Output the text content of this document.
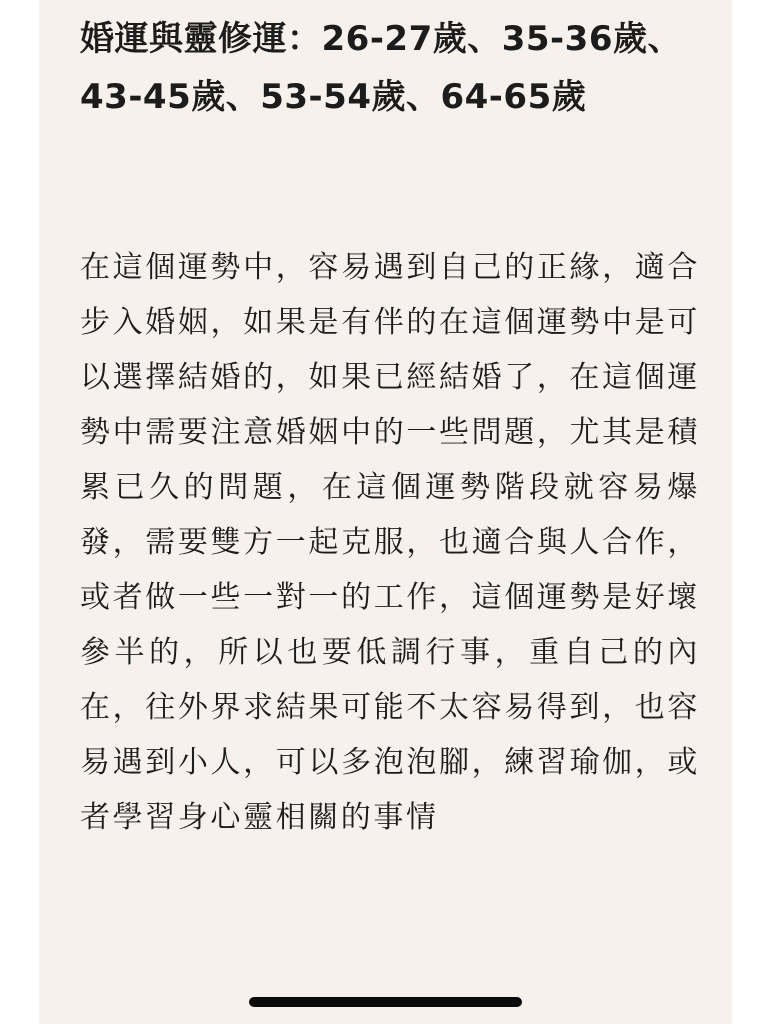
婚運與靈修運：26-27歲、35-36歲、43-45歲、53-54歲、64-65歲

在這個運勢中，容易遇到自己的正緣，適合步入婚姻，如果是有伴的在這個運勢中是可以選擇結婚的，如果已經結婚了，在這個運勢中需要注意婚姻中的一些問題，尤其是積累已久的問題，在這個運勢階段就容易爆發，需要雙方一起克服，也適合與人合作，或者做一些一對一的工作，這個運勢是好壞參半的，所以也要低調行事，重自己的內在，往外界求結果可能不太容易得到，也容易遇到小人，可以多泡泡腳，練習瑜伽，或者學習身心靈相關的事情
